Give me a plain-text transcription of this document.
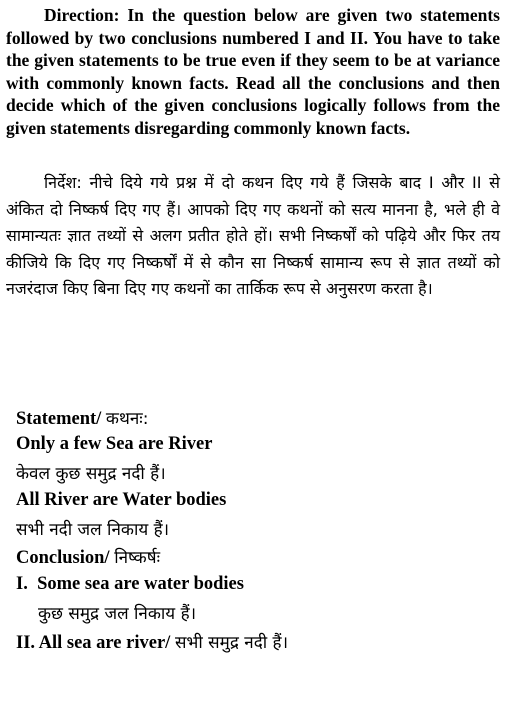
Direction: In the question below are given two statements followed by two conclusions numbered I and II. You have to take the given statements to be true even if they seem to be at variance with commonly known facts. Read all the conclusions and then decide which of the given conclusions logically follows from the given statements disregarding commonly known facts.

निर्देश: नीचे दिये गये प्रश्न में दो कथन दिए गये हैं जिसके बाद I और II से अंकित दो निष्कर्ष दिए गए हैं। आपको दिए गए कथनों को सत्य मानना है, भले ही वे सामान्यतः ज्ञात तथ्यों से अलग प्रतीत होते हों। सभी निष्कर्षों को पढ़िये और फिर तय कीजिये कि दिए गए निष्कर्षों में से कौन सा निष्कर्ष सामान्य रूप से ज्ञात तथ्यों को नजरंदाज किए बिना दिए गए कथनों का तार्किक रूप से अनुसरण करता है।

Statement/ कथनः:
Only a few Sea are River
केवल कुछ समुद्र नदी हैं।
All River are Water bodies
सभी नदी जल निकाय हैं।
Conclusion/ निष्कर्षः
I.  Some sea are water bodies
कुछ समुद्र जल निकाय हैं।
II. All sea are river/ सभी समुद्र नदी हैं।
